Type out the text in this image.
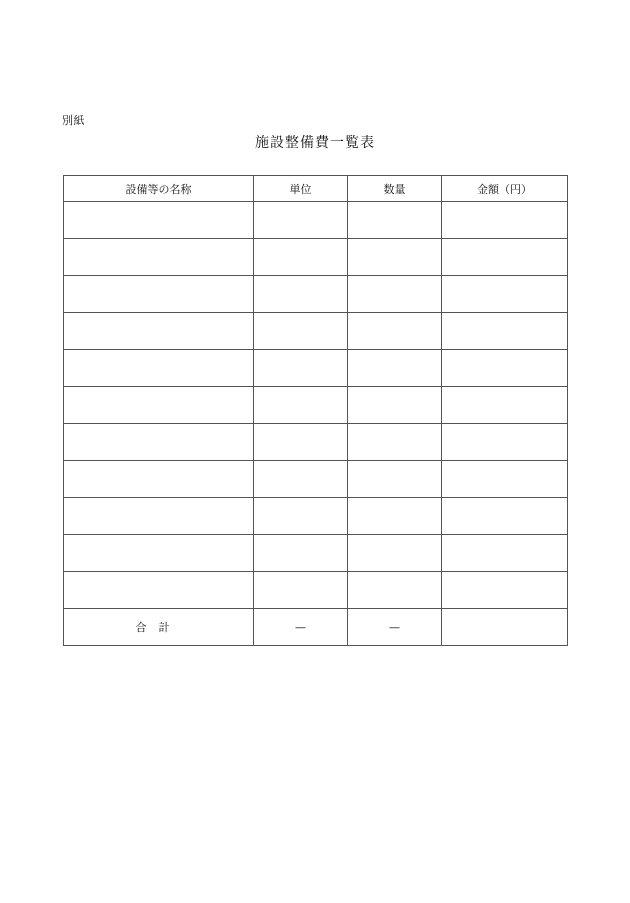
別紙
施設整備費一覧表
設備等の名称	単位	数量	金額（円）

合計	—	—	
